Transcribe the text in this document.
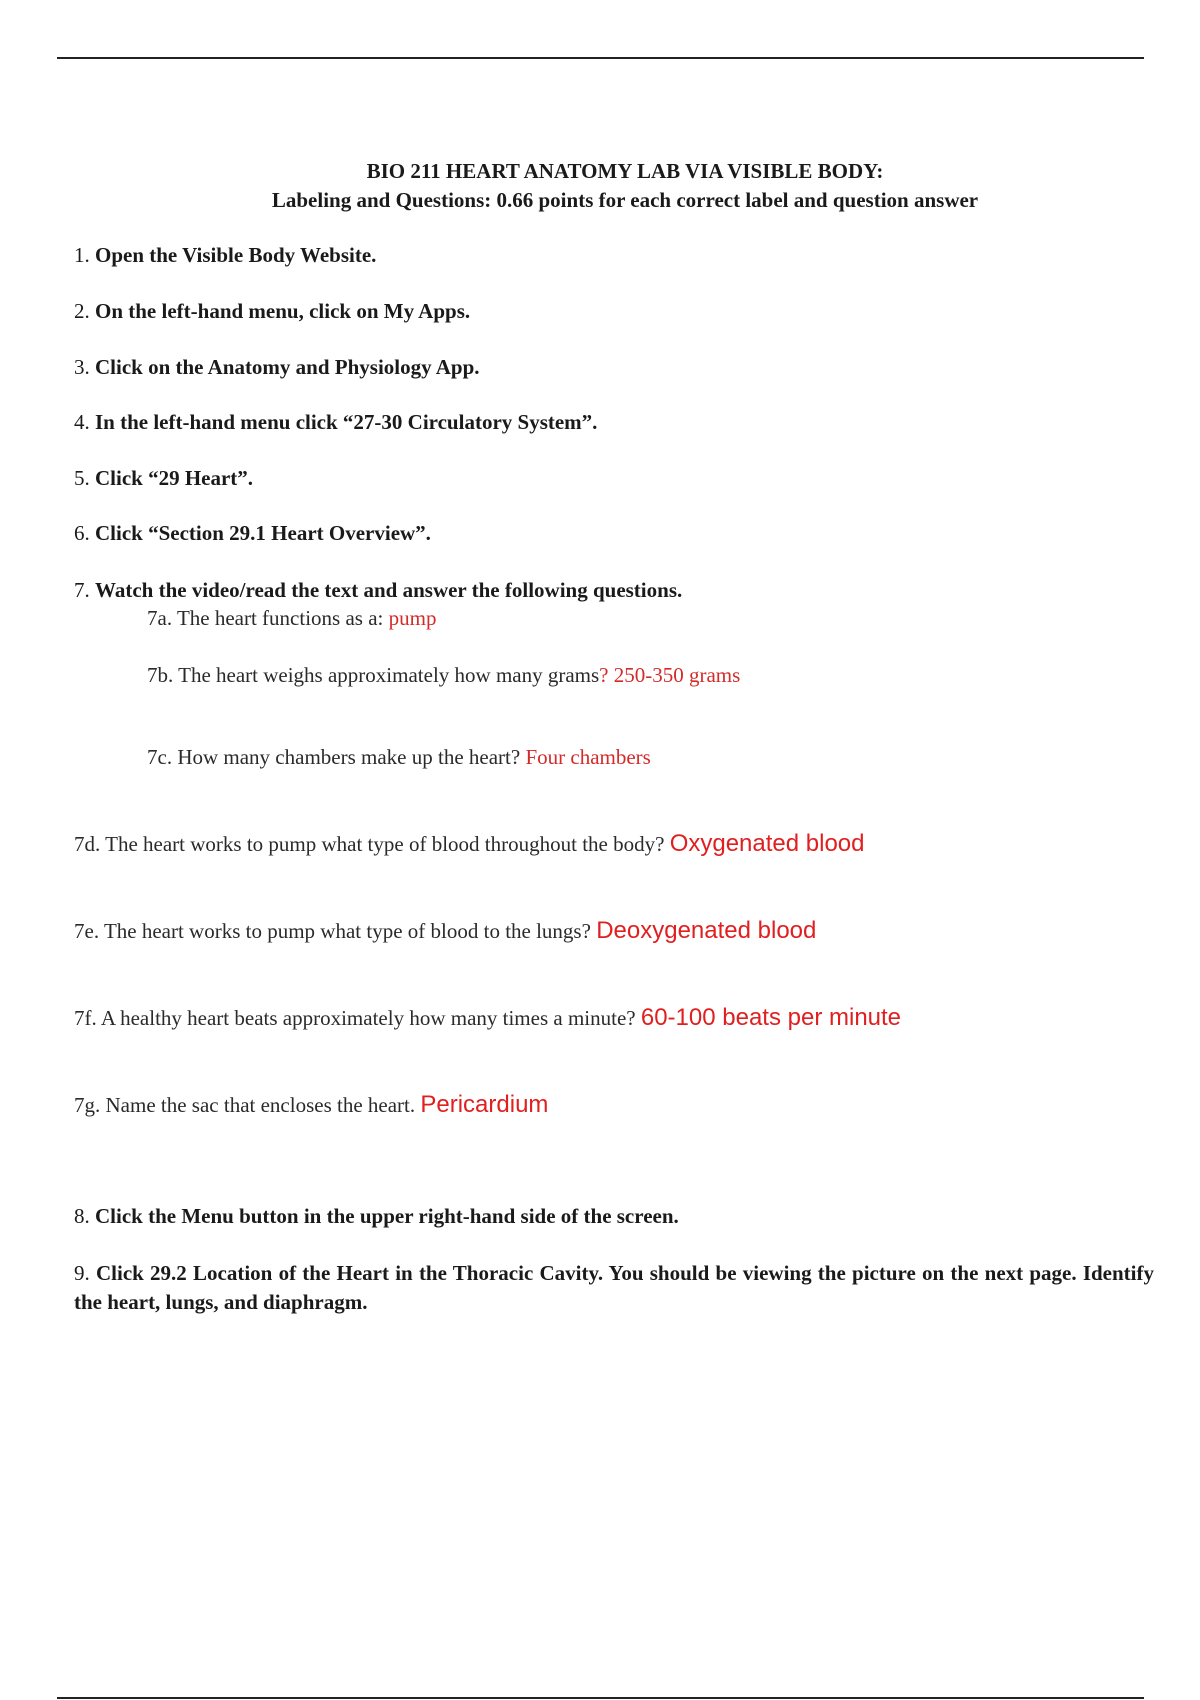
BIO 211 HEART ANATOMY LAB VIA VISIBLE BODY:
Labeling and Questions: 0.66 points for each correct label and question answer
1. Open the Visible Body Website.
2. On the left-hand menu, click on My Apps.
3. Click on the Anatomy and Physiology App.
4. In the left-hand menu click “27-30 Circulatory System”.
5. Click “29 Heart”.
6. Click “Section 29.1 Heart Overview”.
7. Watch the video/read the text and answer the following questions.
7a. The heart functions as a: pump
7b. The heart weighs approximately how many grams? 250-350 grams
7c. How many chambers make up the heart? Four chambers
7d. The heart works to pump what type of blood throughout the body? Oxygenated blood
7e. The heart works to pump what type of blood to the lungs? Deoxygenated blood
7f. A healthy heart beats approximately how many times a minute? 60-100 beats per minute
7g. Name the sac that encloses the heart. Pericardium
8. Click the Menu button in the upper right-hand side of the screen.
9. Click 29.2 Location of the Heart in the Thoracic Cavity. You should be viewing the picture on the next page. Identify the heart, lungs, and diaphragm.
